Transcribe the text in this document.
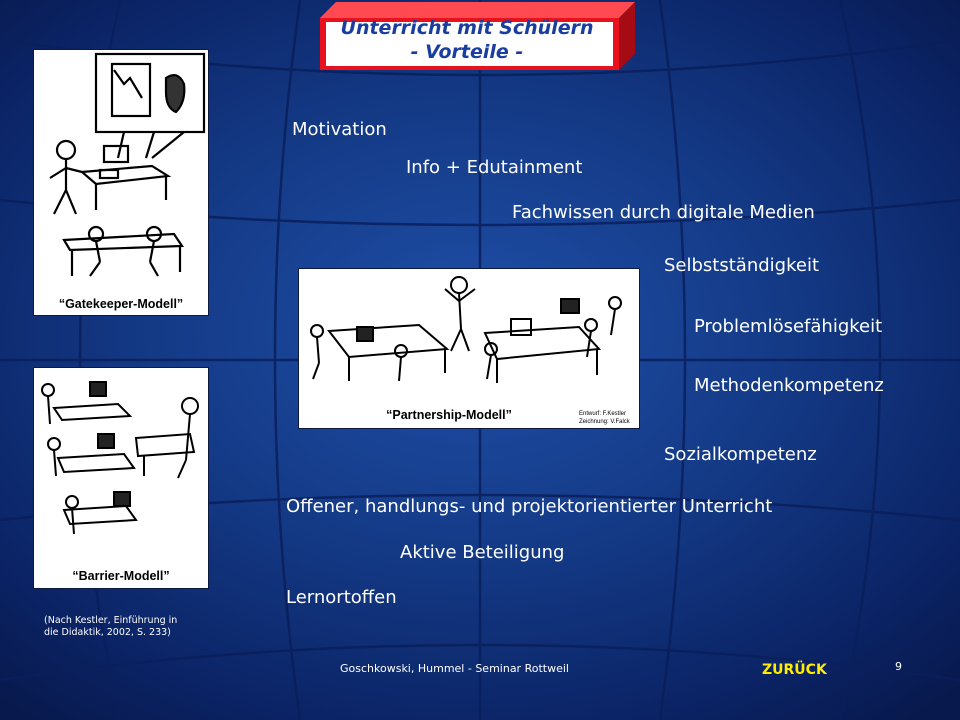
Unterricht mit Schülern
- Vorteile -
“Gatekeeper-Modell”
“Partnership-Modell”	Entwurf: F.Kestler
Zeichnung: V.Falck
“Barrier-Modell”
Motivation
Info + Edutainment
Fachwissen durch digitale Medien
Selbstständigkeit
Problemlösefähigkeit
Methodenkompetenz
Sozialkompetenz
Offener, handlungs- und projektorientierter Unterricht
Aktive Beteiligung
Lernortoffen
(Nach Kestler, Einführung in
die Didaktik, 2002, S. 233)
Goschkowski, Hummel - Seminar Rottweil	ZURÜCK	9
